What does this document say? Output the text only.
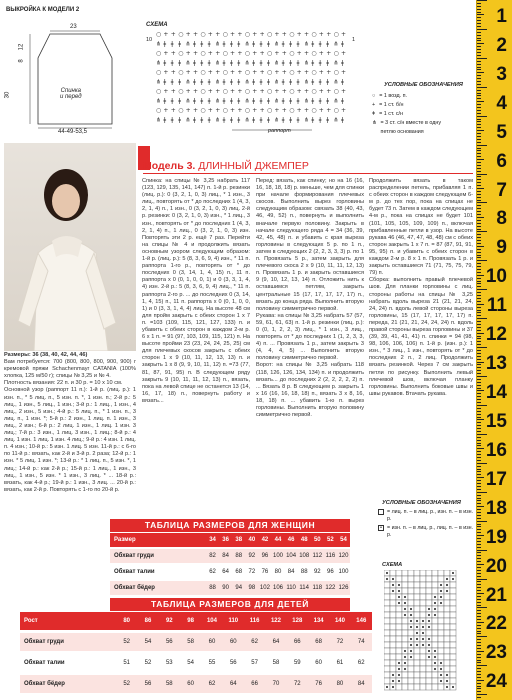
ВЫКРОЙКА К МОДЕЛИ 2
12
8
30
23
44-49-53,5
Спинка
и перед
СХЕМА
10	1
○ + + ○ + + ○ + + ○ + + ○ + + ○ + + ○ + + ○ + + ○ +
⋔ ǂ ǂ ǂ ⋔ ǂ ǂ ǂ ⋔ ǂ ǂ ǂ ⋔ ǂ ǂ ǂ ⋔ ǂ ǂ ǂ ⋔ ǂ ǂ ǂ ⋔ ǂ
○ + + ○ + + ○ + + ○ + + ○ + + ○ + + ○ + + ○ + + ○ +
⋔ ǂ ǂ ǂ ⋔ ǂ ǂ ǂ ⋔ ǂ ǂ ǂ ⋔ ǂ ǂ ǂ ⋔ ǂ ǂ ǂ ⋔ ǂ ǂ ǂ ⋔ ǂ
○ + + ○ + + ○ + + ○ + + ○ + + ○ + + ○ + + ○ + + ○ +
⋔ ǂ ǂ ǂ ⋔ ǂ ǂ ǂ ⋔ ǂ ǂ ǂ ⋔ ǂ ǂ ǂ ⋔ ǂ ǂ ǂ ⋔ ǂ ǂ ǂ ⋔ ǂ
○ + + ○ + + ○ + + ○ + + ○ + + ○ + + ○ + + ○ + + ○ +
⋔ ǂ ǂ ǂ ⋔ ǂ ǂ ǂ ⋔ ǂ ǂ ǂ ⋔ ǂ ǂ ǂ ⋔ ǂ ǂ ǂ ⋔ ǂ ǂ ǂ ⋔ ǂ
○ + + ○ + + ○ + + ○ + + ○ + + ○ + + ○ + + ○ + + ○ +
⋔ ǂ ǂ ǂ ⋔ ǂ ǂ ǂ ⋔ ǂ ǂ ǂ ⋔ ǂ ǂ ǂ ⋔ ǂ ǂ ǂ ⋔ ǂ ǂ ǂ ⋔ ǂ
раппорт
УСЛОВНЫЕ ОБОЗНАЧЕНИЯ
○ = 1 возд. п.
+ = 1 ст. б/н
ǂ = 1 ст. с/н
⋔ = 3 ст. с/н вместе в одну
петлю основания
Модель 3. ДЛИННЫЙ ДЖЕМПЕР
Размеры: 36 (38, 40, 42, 44, 46)
Вам потребуется: 700 (800, 800, 800, 900, 900) г кремовой пряжи Schachenmayr CATANIA (100% хлопка, 125 м/50 г); спицы № 3,25 и № 4.
Плотность вязания: 22 п. и 30 р. = 10 х 10 см.
Основной узор (раппорт 11 п.): 1-й р. (лиц. р.): 1 изн. п., * 5 лиц. п., 5 изн. п. *, 1 изн. п.; 2-й р.: 5 лиц., 1 изн., 5 лиц., 1 изн.; 3-й р.: 1 лиц., 1 изн., 4 лиц., 2 изн., 5 изн.; 4-й р.: 5 лиц. п., * 1 изн. п., 3 лиц. п., 1 изн. *; 5-й р.: 2 изн., 1 лиц. п. 1 изн., 3 лиц., 2 изн.; 6-й р.: 2 лиц. 1 изн., 1 лиц. 1 изн. 3 лиц.; 7-й р.: 3 изн., 1 лиц. 3 изн., 1 лиц.; 8-й р.: 4 лиц. 1 изн. 1 лиц. 1 изн. 4 лиц.; 9-й р.: 4 изн. 1 лиц. п. 4 изн.; 10-й р.: 5 изн. 1 лиц. 5 изн. 11-й р.: с 6-го по 11-й р.: вязать, как 2-й и 3-й р. 2 раза; 12-й р.: 1 изн. * 5 лиц. 1 изн. *; 13-й р.: * 1 лиц. п., 5 изн. *, 1 лиц.; 14-й р.: как 2-й р.; 15-й р.: 1 лиц., 1 изн., 3 лиц., 1 изн., 5 изн. * 1 изн., 3 лиц. * ... 18-й р.: вязать, как 4-й р.; 19-й р.: 1 изн., 3 лиц. ... 20-й р.: вязать, как 2-й р. Повторять с 1-го по 20-й р.
Спинка: на спицы № 3,25 набрать 117 (123, 129, 135, 141, 147) п. 1-й р. резинки (лиц. р.): 0 (3, 2, 1, 0, 3) лиц., * 1 изн., 3 лиц., повторять от * до последних 1 (4, 3, 2, 1, 4) п., 1 изн., 0 (3, 2, 1, 0, 3) лиц. 2-й р. резинки: 0 (3, 2, 1, 0, 3) изн., * 1 лиц., 3 изн., повторять от * до последних 1 (4, 3, 2, 1, 4) п., 1 лиц., 0 (3, 2, 1, 0, 3) изн. Повторять эти 2 р. ещё 7 раз. Перейти на спицы № 4 и продолжить вязать основным узором следующим образом: 1-й р. (лиц. р.): 5 (8, 3, 6, 9, 4) изн., * 11 п. раппорта 1-го р., повторять от * до последних 0 (3, 14, 1, 4, 15) п., 11 п. раппорта x 0 (0, 1, 0, 0, 1) и 0 (3, 3, 1, 4, 4) изн. 2-й р.: 5 (8, 3, 6, 9, 4) лиц., * 11 п. раппорта 2-го р. ... до последних 0 (3, 14, 1, 4, 15) п., 11 п. раппорта x 0 (0, 1, 0, 0, 1) и 0 (3, 3, 1, 4, 4) лиц. На высоте 48 см для пройм закрыть с обеих сторон 1 x 7 п. =103 (109, 115, 121, 127, 133) п. и убавить с обеих сторон в каждом 2-м р. 6 x 1 п. = 91 (97, 103, 109, 115, 121) п. На высоте пройми 23 (23, 24, 24, 25, 25) см для плечевых скосов закрыть с обеих сторон 1 x 9 (10, 11, 12, 13, 13) п. и закрыть 1 x 8 (9, 9, 10, 11, 12) п. =73 (77, 81, 87, 91, 95) п. В следующем ряду закрыть 9 (10, 11, 11, 12, 13) п., вязать, пока на левой спице не останется 13 (14, 16, 17, 18) п., повернуть работу и вязать...
Перед: вязать, как спинку; но на 16 (16, 16, 18, 18, 18) р. меньше, чем для спинки при начале формирования плечевых скосов. Выполнить вырез горловины следующим образом: связать 38 (40, 43, 46, 49, 52) п., повернуть и выполнить вначале первую половину. Закрыть в начале следующего ряда 4 = 34 (36, 39, 42, 45, 48) п. и убавить с края выреза горловины в следующих 5 р. по 1 п., затем в следующих 2 (2, 2, 3, 3, 3) р. по 1 п. Провязать 5 р., затем закрыть для плечевого скоса 2 x 9 (10, 11, 11, 12, 13) п. Провязать 1 р. и закрыть оставшиеся 9 (9, 10, 12, 13, 14) п. Отложить нить к оставшимся петлям, закрыть центральные 15 (17, 17, 17, 17, 17) п., вязать до конца ряда. Выполнить вторую половину симметрично первой.
Рукава: на спицы № 3,25 набрать 57 (57, 59, 61, 61, 63) п. 1-й р. резинки (лиц. р.): 0 (0, 1, 2, 2, 3) лиц., * 1 изн., 3 лиц., повторять от * до последних 1 (1, 2, 3, 3, 4) п. ... Провязать 1 р., затем закрыть 3 (4, 4, 4, 5) ... Выполнить вторую половину симметрично первой.
Ворот: на спицы № 3,25 набрать 118 (118, 126, 126, 134, 134) п. и продолжить вязать... до последних 2 (2, 2, 2, 2, 2) п. ... Вязать 8 р. В следующем р. закрыть 1 х 16 (16, 16, 18, 18) п., вязать 3 х 8, 16, 18, 18) п. ... убавить 1-ю п. вырез горловины. Выполнить вторую половину симметрично первой.
Продолжить вязать в таком распределении петель, прибавляя 1 п. с обеих сторон в каждом следующем 6-м р. до тех пор, пока на спицах не будет 73 п. Затем в каждом следующем 4-м р., пока на спицах не будет 101 (101, 105, 105, 109, 109) п., включая прибавленные петли в узор. На высоте рукава 46 (46, 47, 47, 48, 48) см с обеих сторон закрыть 1 x 7 п. = 87 (87, 91, 91, 95, 95) п. и убавить с обеих сторон в каждом 2-м р. 8 x 1 п. Провязать 1 р. и закрыть оставшиеся 71 (71, 75, 75, 79, 79) п.
Сборка: выполнить правый плечевой шов. Для планки горловины с лиц. стороны работы на спицы № 3,25 набрать вдоль выреза 21 (21, 21, 24, 24, 24) п. вдоль левой стороны выреза горловины, 15 (17, 17, 17, 17, 17) п. переда, 21 (21, 21, 24, 24, 24) п. вдоль правой стороны выреза горловины и 37 (39, 39, 41, 41, 41) п. спинки = 94 (98, 98, 106, 106, 106) п. 1-й р. (изн. р.): 1 изн., * 3 лиц., 1 изн., повторять от * до последних 2 п., 2 лиц. Продолжить вязать резинкой. Через 7 см закрыть петли по рисунку. Выполнить левый плечевой шов, включая планку горловины. Выполнить боковые швы и швы рукавов. Втачать рукава.
ТАБЛИЦА РАЗМЕРОВ ДЛЯ ЖЕНЩИН
Размер	34	36	38	40	42	44	46	48	50	52	54
Обхват груди	82	84	88	92	96 100 104 108 112 116 120
Обхват талии	62	64	68	72	76	80	84	88	92	96 100
Обхват бёдер	88	90	94	98 102 106 110 114 118 122 126
ТАБЛИЦА РАЗМЕРОВ ДЛЯ ДЕТЕЙ
Рост	80	86	92	98	104	110	116	122	128	134	140	146
Обхват груди	52	54	56	58	60	60	62	64	66	68	72	74
Обхват талии	51	52	53	54	55	56	57	58	59	60	61	62
Обхват бёдер	52	56	58	60	62	64	66	70	72	76	80	84
УСЛОВНЫЕ ОБОЗНАЧЕНИЯ
= лиц. п. – в лиц. р., изн. п. – в изн. р.
• = изн. п. – в лиц. р., лиц. п. – в изн. р.
СХЕМА
1
2
3
4
5
6
7
8
9
10
11
12
13
14
15
16
17
18
19
20
21
22
23
24
